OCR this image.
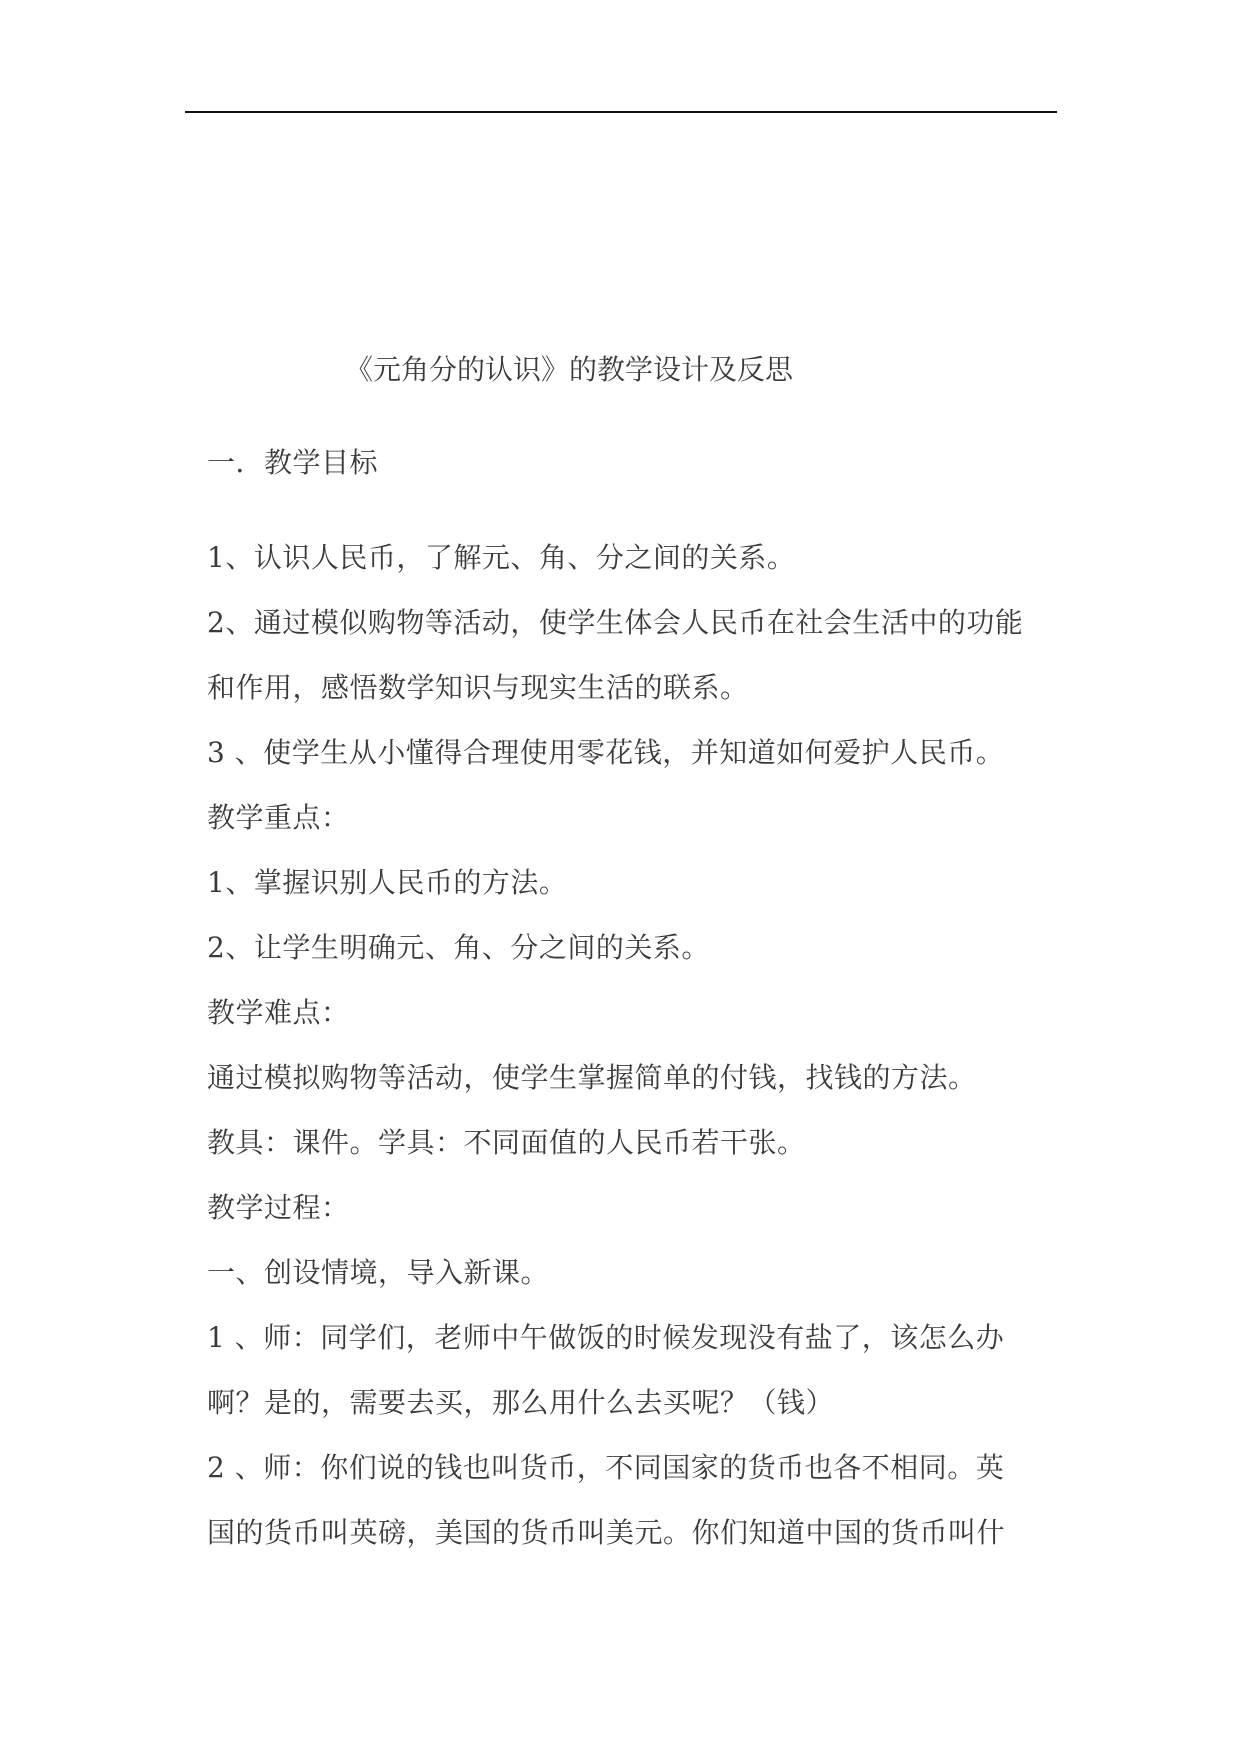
《元角分的认识》的教学设计及反思
一．教学目标
1、认识人民币，了解元、角、分之间的关系。
2、通过模似购物等活动，使学生体会人民币在社会生活中的功能
和作用，感悟数学知识与现实生活的联系。
3 、使学生从小懂得合理使用零花钱，并知道如何爱护人民币。
教学重点：
1、掌握识别人民币的方法。
2、让学生明确元、角、分之间的关系。
教学难点：
通过模拟购物等活动，使学生掌握简单的付钱，找钱的方法。
教具：课件。学具：不同面值的人民币若干张。
教学过程：
一、创设情境，导入新课。
1 、师：同学们，老师中午做饭的时候发现没有盐了，该怎么办
啊？是的，需要去买，那么用什么去买呢？（钱）
2 、师：你们说的钱也叫货币，不同国家的货币也各不相同。英
国的货币叫英磅，美国的货币叫美元。你们知道中国的货币叫什
